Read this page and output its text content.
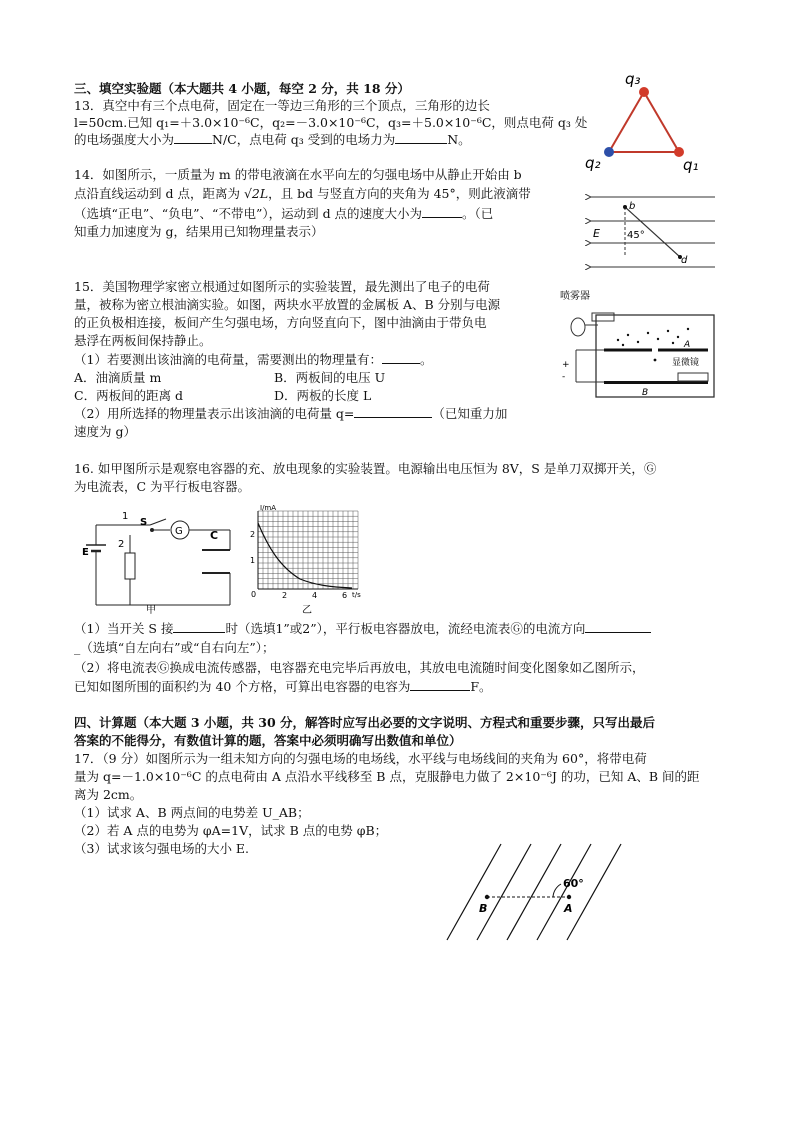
三、填空实验题（本大题共 4 小题，每空 2 分，共 18 分）
13．真空中有三个点电荷，固定在一等边三角形的三个顶点，三角形的边长
l=50cm.已知 q₁=＋3.0×10⁻⁶C，q₂=－3.0×10⁻⁶C，q₃=＋5.0×10⁻⁶C，则点电荷 q₃ 处
的电场强度大小为	N/C，点电荷 q₃ 受到的电场力为	N。
q₃
q₂	q₁
14．如图所示，一质量为 m 的带电液滴在水平向左的匀强电场中从静止开始由 b
点沿直线运动到 d 点，距离为 √2L，且 bd 与竖直方向的夹角为 45°，则此液滴带
（选填“正电”、“负电”、“不带电”），运动到 d 点的速度大小为	。（已
知重力加速度为 g，结果用已知物理量表示）
b
d
E	45°
15．美国物理学家密立根通过如图所示的实验装置，最先测出了电子的电荷
量，被称为密立根油滴实验。如图，两块水平放置的金属板 A、B 分别与电源
的正负极相连接，板间产生匀强电场，方向竖直向下，图中油滴由于带负电
悬浮在两板间保持静止。
（1）若要测出该油滴的电荷量，需要测出的物理量有：	。
A．油滴质量 m	B．两板间的电压 U
C．两板间的距离 d	D．两板的长度 L
（2）用所选择的物理量表示出该油滴的电荷量 q=	（已知重力加
速度为 g）
喷雾器
A
B
+
-
显微镜
16. 如甲图所示是观察电容器的充、放电现象的实验装置。电源输出电压恒为 8V，S 是单刀双掷开关，Ⓖ
为电流表，C 为平行板电容器。
G
1
2
S
C
E
甲
I/mA
t/s
2
1
0	2	4	6
乙
（1）当开关 S 接	时（选填1”或2”），平行板电容器放电，流经电流表Ⓖ的电流方向
_（选填“自左向右”或“自右向左”）；
（2）将电流表Ⓖ换成电流传感器，电容器充电完毕后再放电，其放电电流随时间变化图象如乙图所示，
已知如图所围的面积约为 40 个方格，可算出电容器的电容为	F。
四、计算题（本大题 3 小题，共 30 分，解答时应写出必要的文字说明、方程式和重要步骤，只写出最后
答案的不能得分，有数值计算的题，答案中必须明确写出数值和单位）
17．（9 分）如图所示为一组未知方向的匀强电场的电场线，水平线与电场线间的夹角为 60°，将带电荷
量为 q=－1.0×10⁻⁶C 的点电荷由 A 点沿水平线移至 B 点，克服静电力做了 2×10⁻⁶J 的功，已知 A、B 间的距
离为 2cm。
（1）试求 A、B 两点间的电势差 U_AB；
（2）若 A 点的电势为 φA=1V，试求 B 点的电势 φB；
（3）试求该匀强电场的大小 E.
60°
B	A
